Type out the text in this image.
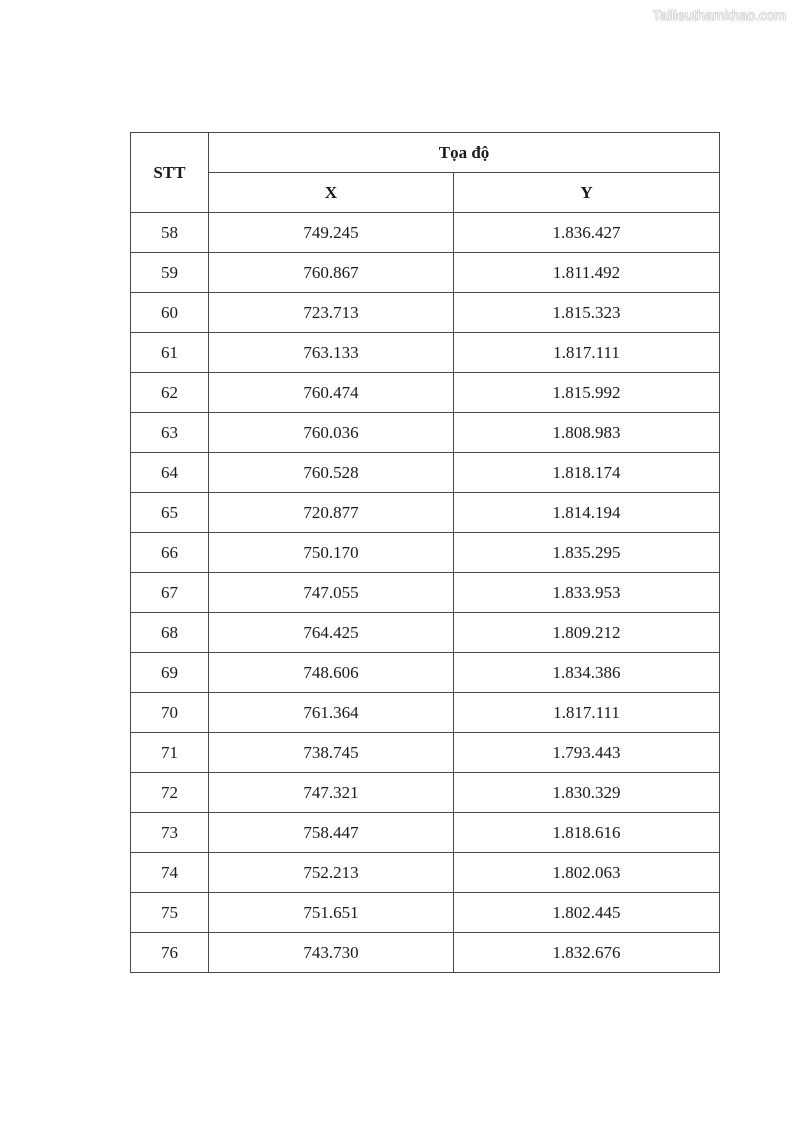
Tailieuthamkhao.com
STT	Tọa độ	
	X	Y
58	749.245	1.836.427
59	760.867	1.811.492
60	723.713	1.815.323
61	763.133	1.817.111
62	760.474	1.815.992
63	760.036	1.808.983
64	760.528	1.818.174
65	720.877	1.814.194
66	750.170	1.835.295
67	747.055	1.833.953
68	764.425	1.809.212
69	748.606	1.834.386
70	761.364	1.817.111
71	738.745	1.793.443
72	747.321	1.830.329
73	758.447	1.818.616
74	752.213	1.802.063
75	751.651	1.802.445
76	743.730	1.832.676
